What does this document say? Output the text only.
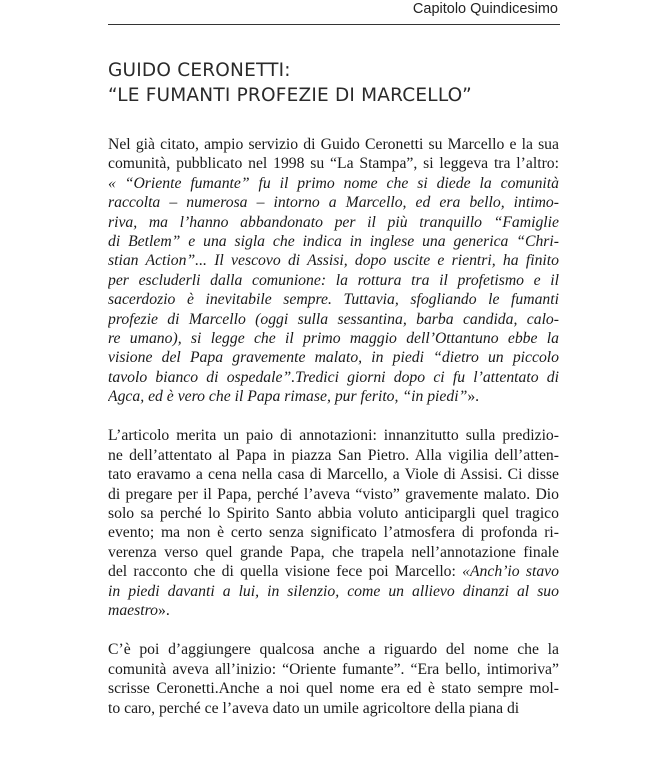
Capitolo Quindicesimo
GUIDO CERONETTI:
“LE FUMANTI PROFEZIE DI MARCELLO”
Nel già citato, ampio servizio di Guido Ceronetti su Marcello e la sua
comunità, pubblicato nel 1998 su “La Stampa”, si leggeva tra l’altro:
« “Oriente fumante” fu il primo nome che si diede la comunità
raccolta – numerosa – intorno a Marcello, ed era bello, intimo-
riva, ma l’hanno abbandonato per il più tranquillo “Famiglie
di Betlem” e una sigla che indica in inglese una generica “Chri-
stian Action”... Il vescovo di Assisi, dopo uscite e rientri, ha finito
per escluderli dalla comunione: la rottura tra il profetismo e il
sacerdozio è inevitabile sempre. Tuttavia, sfogliando le fumanti
profezie di Marcello (oggi sulla sessantina, barba candida, calo-
re umano), si legge che il primo maggio dell’Ottantuno ebbe la
visione del Papa gravemente malato, in piedi “dietro un piccolo
tavolo bianco di ospedale”.Tredici giorni dopo ci fu l’attentato di
Agca, ed è vero che il Papa rimase, pur ferito, “in piedi”».
L’articolo merita un paio di annotazioni: innanzitutto sulla predizio-
ne dell’attentato al Papa in piazza San Pietro. Alla vigilia dell’atten-
tato eravamo a cena nella casa di Marcello, a Viole di Assisi. Ci disse
di pregare per il Papa, perché l’aveva “visto” gravemente malato. Dio
solo sa perché lo Spirito Santo abbia voluto anticipargli quel tragico
evento; ma non è certo senza significato l’atmosfera di profonda ri-
verenza verso quel grande Papa, che trapela nell’annotazione finale
del racconto che di quella visione fece poi Marcello: «Anch’io stavo
in piedi davanti a lui, in silenzio, come un allievo dinanzi al suo
maestro».
C’è poi d’aggiungere qualcosa anche a riguardo del nome che la
comunità aveva all’inizio: “Oriente fumante”. “Era bello, intimoriva”
scrisse Ceronetti.Anche a noi quel nome era ed è stato sempre mol-
to caro, perché ce l’aveva dato un umile agricoltore della piana di
